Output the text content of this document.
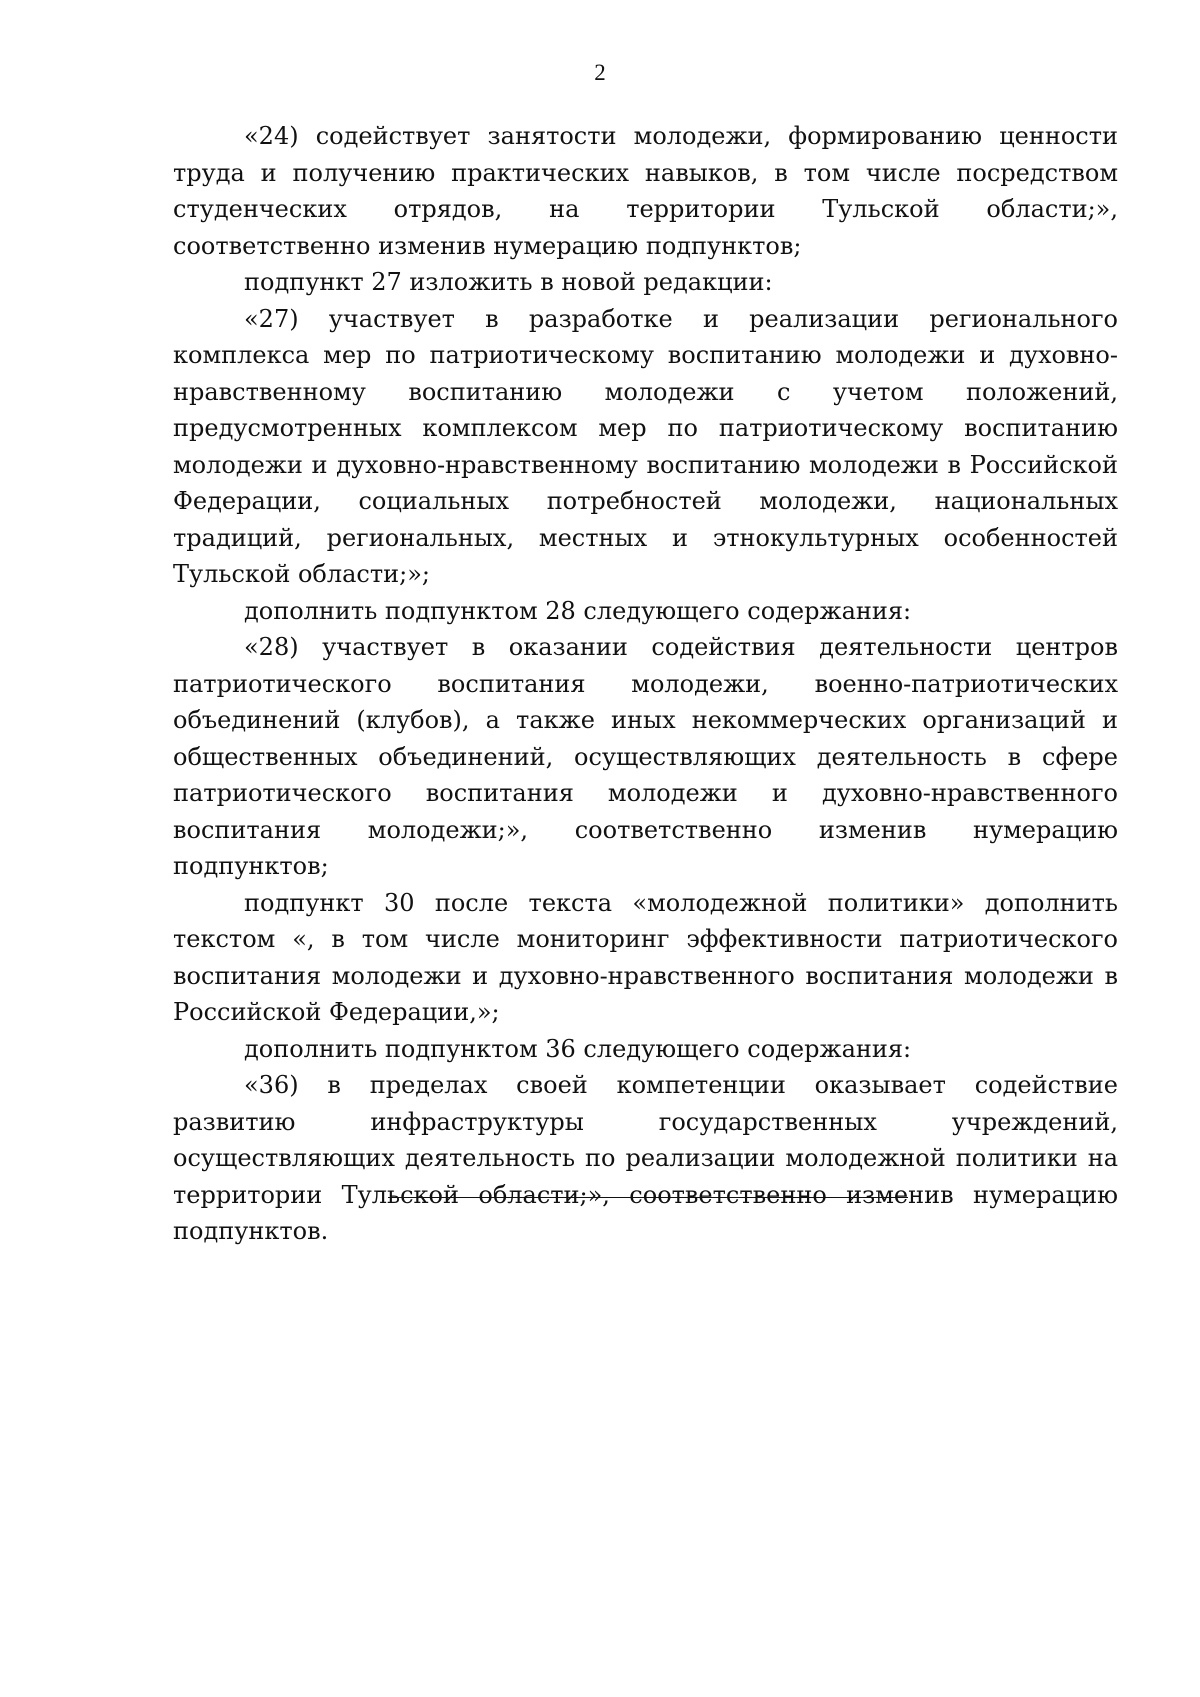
2

«24) содействует занятости молодежи, формированию ценности труда и получению практических навыков, в том числе посредством студенческих отрядов, на территории Тульской области;», соответственно изменив нумерацию подпунктов;

подпункт 27 изложить в новой редакции:

«27) участвует в разработке и реализации регионального комплекса мер по патриотическому воспитанию молодежи и духовно-нравственному воспитанию молодежи с учетом положений, предусмотренных комплексом мер по патриотическому воспитанию молодежи и духовно-нравственному воспитанию молодежи в Российской Федерации, социальных потребностей молодежи, национальных традиций, региональных, местных и этнокультурных особенностей Тульской области;»;

дополнить подпунктом 28 следующего содержания:

«28) участвует в оказании содействия деятельности центров патриотического воспитания молодежи, военно-патриотических объединений (клубов), а также иных некоммерческих организаций и общественных объединений, осуществляющих деятельность в сфере патриотического воспитания молодежи и духовно-нравственного воспитания молодежи;», соответственно изменив нумерацию подпунктов;

подпункт 30 после текста «молодежной политики» дополнить текстом «, в том числе мониторинг эффективности патриотического воспитания молодежи и духовно-нравственного воспитания молодежи в Российской Федерации,»;

дополнить подпунктом 36 следующего содержания:

«36) в пределах своей компетенции оказывает содействие развитию инфраструктуры государственных учреждений, осуществляющих деятельность по реализации молодежной политики на территории Тульской области;», соответственно изменив нумерацию подпунктов.
